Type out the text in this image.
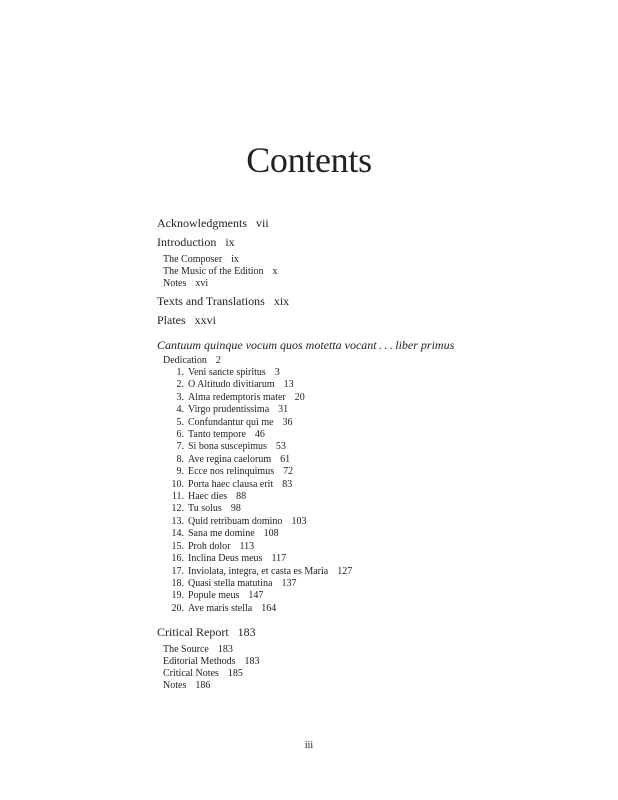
Contents
Acknowledgments vii
Introduction ix
The Composer ix
The Music of the Edition x
Notes xvi
Texts and Translations xix
Plates xxvi
Cantuum quinque vocum quos motetta vocant . . . liber primus
Dedication 2
1. Veni sancte spiritus 3
2. O Altitudo divitiarum 13
3. Alma redemptoris mater 20
4. Virgo prudentissima 31
5. Confundantur qui me 36
6. Tanto tempore 46
7. Si bona suscepimus 53
8. Ave regina caelorum 61
9. Ecce nos relinquimus 72
10. Porta haec clausa erit 83
11. Haec dies 88
12. Tu solus 98
13. Quid retribuam domino 103
14. Sana me domine 108
15. Proh dolor 113
16. Inclina Deus meus 117
17. Inviolata, integra, et casta es Maria 127
18. Quasi stella matutina 137
19. Popule meus 147
20. Ave maris stella 164
Critical Report 183
The Source 183
Editorial Methods 183
Critical Notes 185
Notes 186
iii
